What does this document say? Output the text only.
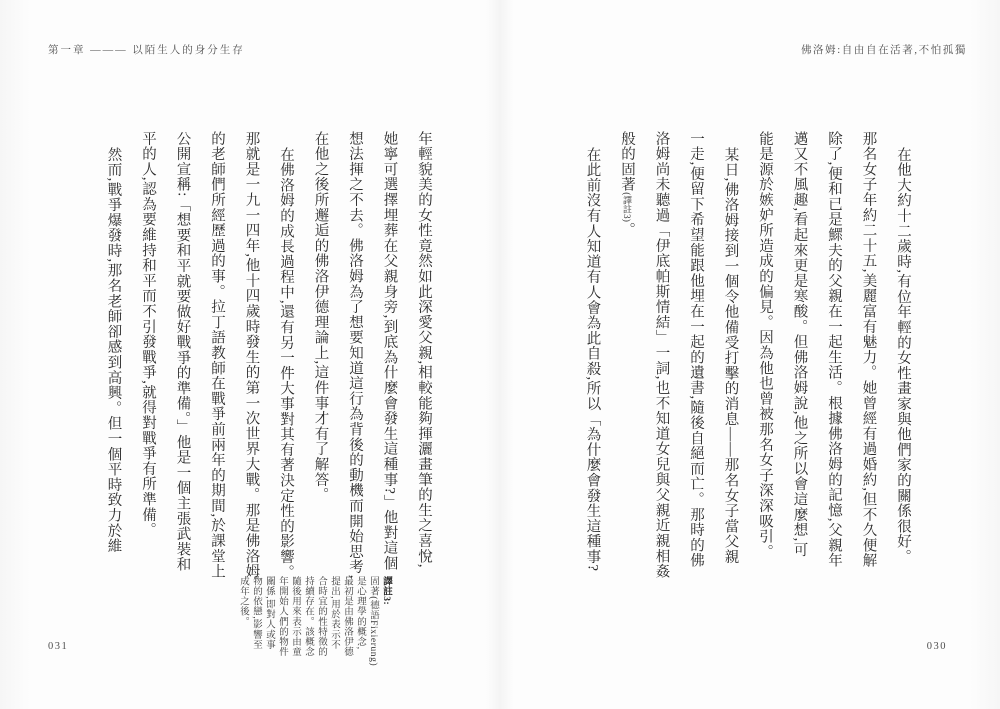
第一章 ——— 以陌生人的身分生存	佛洛姆:自由自在活著,不怕孤獨
在他大約十二歲時,有位年輕的女性畫家與他們家的關係很好。
那名女子年約二十五,美麗富有魅力。她曾經有過婚約,但不久便解
除了,便和已是鰥夫的父親在一起生活。根據佛洛姆的記憶,父親年
邁又不風趣,看起來更是寒酸。但佛洛姆說,他之所以會這麼想,可
能是源於嫉妒所造成的偏見。因為他也曾被那名女子深深吸引。
某日,佛洛姆接到一個令他備受打擊的消息——那名女子當父親
一走,便留下希望能跟他埋在一起的遺書,隨後自絕而亡。那時的佛
洛姆尚未聽過「伊底帕斯情結」一詞,也不知道女兒與父親近親相姦
般的固著(譯註3)。
在此前沒有人知道有人會為此自殺,所以「為什麼會發生這種事?
年輕貌美的女性竟然如此深愛父親,相較能夠揮灑畫筆的生之喜悅,
她寧可選擇埋葬在父親身旁,到底為什麼會發生這種事?」他對這個
想法揮之不去。佛洛姆為了想要知道這行為背後的動機而開始思考,
在他之後所邂逅的佛洛伊德理論上,這件事才有了解答。
在佛洛姆的成長過程中,還有另一件大事對其有著決定性的影響。
那就是一九一四年,他十四歲時發生的第一次世界大戰。那是佛洛姆
的老師們所經歷過的事。拉丁語教師在戰爭前兩年的期間,於課堂上
公開宣稱:「想要和平就要做好戰爭的準備。」他是一個主張武裝和
平的人,認為要維持和平而不引發戰爭,就得對戰爭有所準備。
然而,戰爭爆發時,那名老師卻感到高興。但一個平時致力於維
譯註3:
固著(德語Fixierung)
是心理學的概念,
最初是由佛洛伊德
提出,用於表示不
合時宜的性特徵的
持續存在。該概念
隨後用來表示由童
年開始人們的物件
關係,即對人或事
物的依戀,影響至
成年之後。
031	030
